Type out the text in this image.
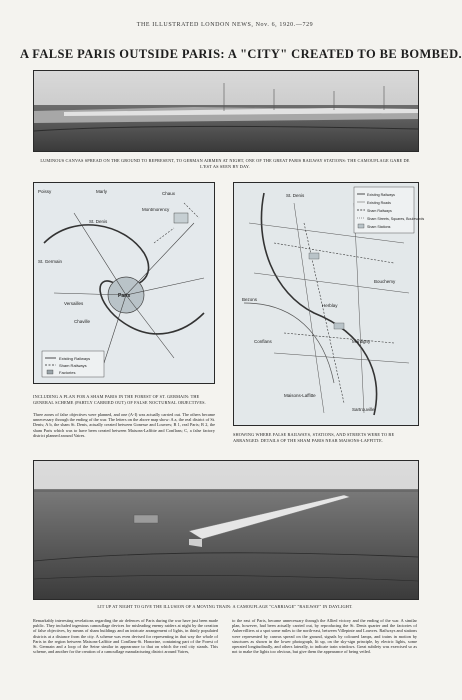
THE ILLUSTRATED LONDON NEWS, Nov. 6, 1920.—729
A FALSE PARIS OUTSIDE PARIS: A "CITY" CREATED TO BE BOMBED.
LUMINOUS CANVAS SPREAD ON THE GROUND TO REPRESENT, TO GERMAN AIRMEN AT NIGHT, ONE OF THE GREAT PARIS RAILWAY STATIONS: THE CAMOUFLAGE GARE DE L'EST AS SEEN BY DAY.
Poissy	Marly
Versailles
St. Denis
St. Germain
Chaux
Montmorency
Paris
Chaville
Existing Railways
Sham Railways
Factories
INCLUDING A PLAN FOR A SHAM PARIS IN THE FOREST OF ST. GERMAIN: THE GENERAL SCHEME (PARTLY CARRIED OUT) OF FALSE NOCTURNAL OBJECTIVES.
Three zones of false objectives were planned, and one (A-I) was actually carried out. The others became unnecessary through the ending of the war. The letters on the above map show: A a, the real district of St. Denis; A b, the sham St. Denis, actually created between Gonesse and Louvres; B 1, real Paris; B 2, the sham Paris which was to have been created between Maisons-Laffitte and Conflans; C, a false factory district planned around Vaires.
Existing Railways
Existing Roads
Sham Railways
Sham Streets, Squares, Boulevards
Sham Stations
St. Denis
Bezons
Sartrouville
Maisons-Laffitte
Herblay
Bouchemy
Montigny
Conflans
SHOWING WHERE FALSE RAILWAYS, STATIONS, AND STREETS WERE TO BE ARRANGED: DETAILS OF THE SHAM PARIS NEAR MAISONS-LAFFITTE.
LIT UP AT NIGHT TO GIVE THE ILLUSION OF A MOVING TRAIN: A CAMOUFLAGE "CARRIAGE" "RAILWAY" IN DAYLIGHT.
Remarkably interesting revelations regarding the air defences of Paris during the war have just been made public. They included ingenious camouflage devices for misleading enemy raiders at night by the creation of false objectives, by means of sham buildings and an intricate arrangement of lights, in thinly populated districts at a distance from the city. A scheme was even devised for representing in that way the whole of Paris in the region between Maisons-Laffitte and Conflans-St. Honorine, containing part of the Forest of St. Germain and a loop of the Seine similar in appearance to that on which the real city stands. This scheme, and another for the creation of a camouflage manufacturing district around Vaires,
to the east of Paris, became unnecessary through the Allied victory and the ending of the war. A similar plan, however, had been actually carried out, by reproducing the St. Denis quarter and the factories of Aubervilliers at a spot some miles to the north-east, between Villepinte and Louvres. Railways and stations were represented by canvas spread on the ground, signals by coloured lamps, and trains in motion by structures as shown in the lower photograph, lit up, on the sky-sign principle, by electric lights, some operated longitudinally, and others laterally, to indicate train windows. Great subtlety was exercised so as not to make the lights too obvious, but give them the appearance of being veiled.
